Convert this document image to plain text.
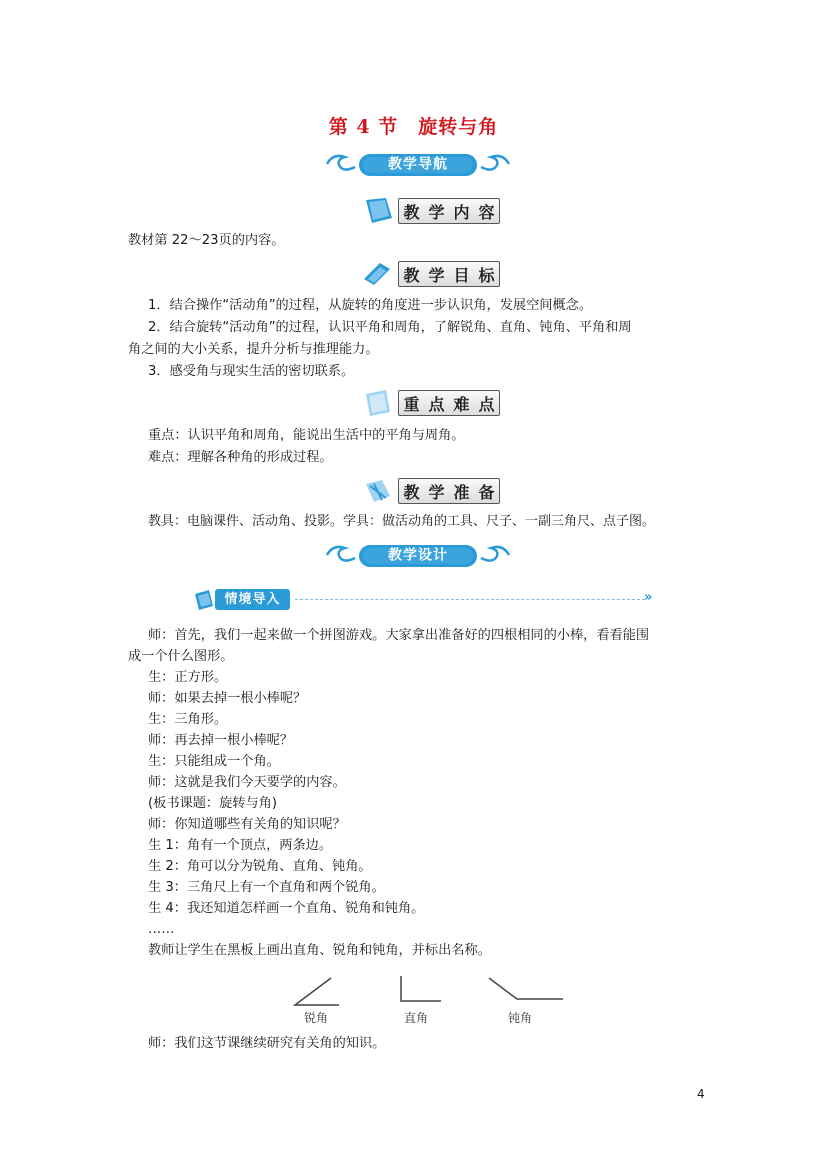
第 4 节　旋转与角
教学导航
教 学 内 容
教材第 22～23页的内容。
教 学 目 标
1．结合操作“活动角”的过程，从旋转的角度进一步认识角，发展空间概念。
2．结合旋转“活动角”的过程，认识平角和周角，了解锐角、直角、钝角、平角和周
角之间的大小关系，提升分析与推理能力。
3．感受角与现实生活的密切联系。
重 点 难 点
重点：认识平角和周角，能说出生活中的平角与周角。
难点：理解各种角的形成过程。
教 学 准 备
教具：电脑课件、活动角、投影。学具：做活动角的工具、尺子、一副三角尺、点子图。
教学设计
情境导入	»
师：首先，我们一起来做一个拼图游戏。大家拿出准备好的四根相同的小棒，看看能围
成一个什么图形。
生：正方形。
师：如果去掉一根小棒呢？
生：三角形。
师：再去掉一根小棒呢？
生：只能组成一个角。
师：这就是我们今天要学的内容。
(板书课题：旋转与角)
师：你知道哪些有关角的知识呢？
生 1：角有一个顶点，两条边。
生 2：角可以分为锐角、直角、钝角。
生 3：三角尺上有一个直角和两个锐角。
生 4：我还知道怎样画一个直角、锐角和钝角。
……
教师让学生在黑板上画出直角、锐角和钝角，并标出名称。
锐角	直角	钝角
师：我们这节课继续研究有关角的知识。
4
